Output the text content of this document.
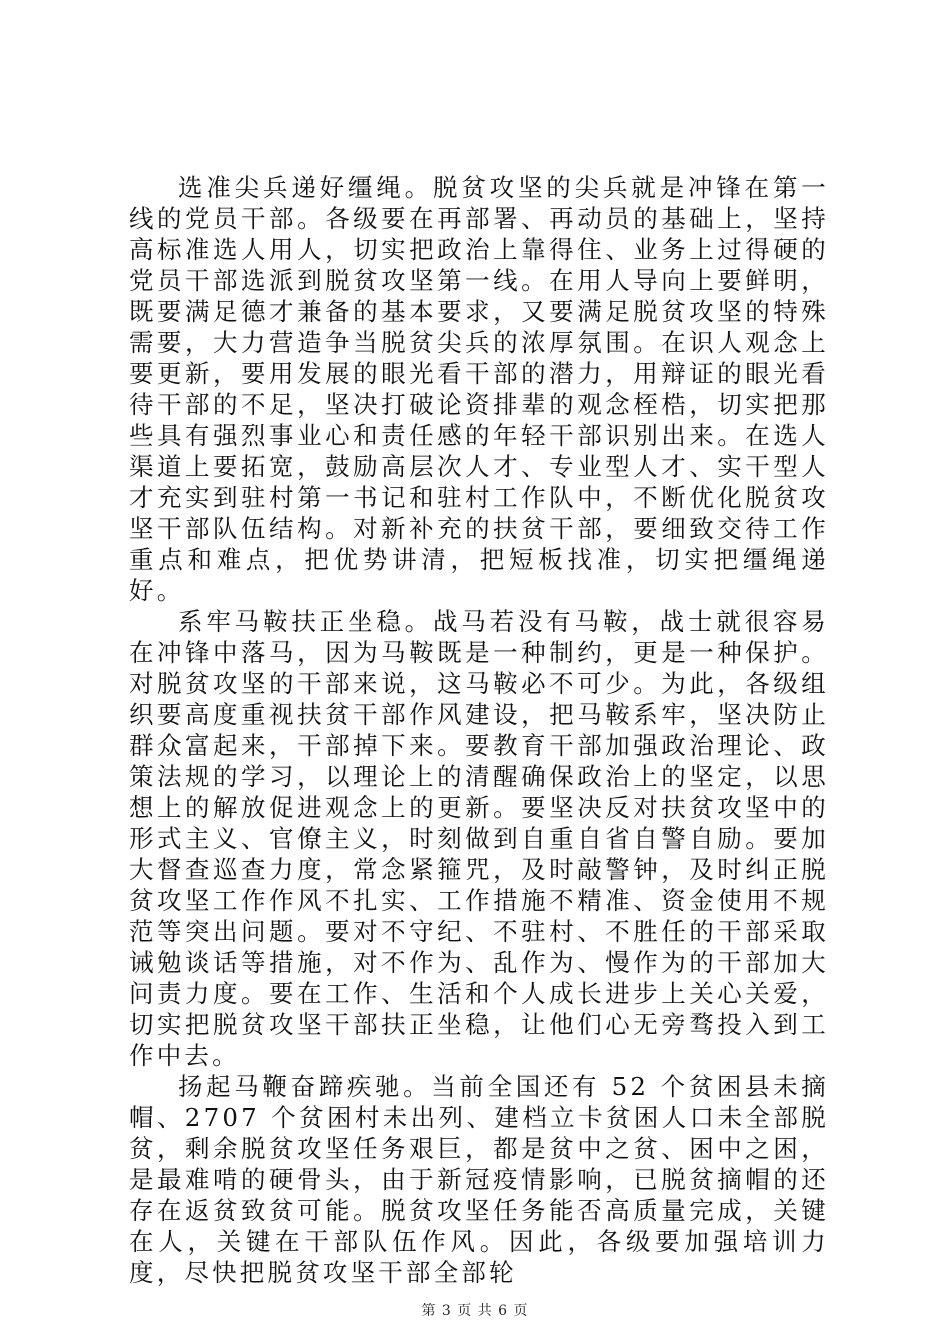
选准尖兵递好缰绳。脱贫攻坚的尖兵就是冲锋在第一线的党员干部。各级要在再部署、再动员的基础上，坚持高标准选人用人，切实把政治上靠得住、业务上过得硬的党员干部选派到脱贫攻坚第一线。在用人导向上要鲜明，既要满足德才兼备的基本要求，又要满足脱贫攻坚的特殊需要，大力营造争当脱贫尖兵的浓厚氛围。在识人观念上要更新，要用发展的眼光看干部的潜力，用辩证的眼光看待干部的不足，坚决打破论资排辈的观念桎梏，切实把那些具有强烈事业心和责任感的年轻干部识别出来。在选人渠道上要拓宽，鼓励高层次人才、专业型人才、实干型人才充实到驻村第一书记和驻村工作队中，不断优化脱贫攻坚干部队伍结构。对新补充的扶贫干部，要细致交待工作重点和难点，把优势讲清，把短板找准，切实把缰绳递好。

系牢马鞍扶正坐稳。战马若没有马鞍，战士就很容易在冲锋中落马，因为马鞍既是一种制约，更是一种保护。对脱贫攻坚的干部来说，这马鞍必不可少。为此，各级组织要高度重视扶贫干部作风建设，把马鞍系牢，坚决防止群众富起来，干部掉下来。要教育干部加强政治理论、政策法规的学习，以理论上的清醒确保政治上的坚定，以思想上的解放促进观念上的更新。要坚决反对扶贫攻坚中的形式主义、官僚主义，时刻做到自重自省自警自励。要加大督查巡查力度，常念紧箍咒，及时敲警钟，及时纠正脱贫攻坚工作作风不扎实、工作措施不精准、资金使用不规范等突出问题。要对不守纪、不驻村、不胜任的干部采取诫勉谈话等措施，对不作为、乱作为、慢作为的干部加大问责力度。要在工作、生活和个人成长进步上关心关爱，切实把脱贫攻坚干部扶正坐稳，让他们心无旁骛投入到工作中去。

扬起马鞭奋蹄疾驰。当前全国还有 52 个贫困县未摘帽、2707 个贫困村未出列、建档立卡贫困人口未全部脱贫，剩余脱贫攻坚任务艰巨，都是贫中之贫、困中之困，是最难啃的硬骨头，由于新冠疫情影响，已脱贫摘帽的还存在返贫致贫可能。脱贫攻坚任务能否高质量完成，关键在人，关键在干部队伍作风。因此，各级要加强培训力度，尽快把脱贫攻坚干部全部轮

第 3 页 共 6 页
